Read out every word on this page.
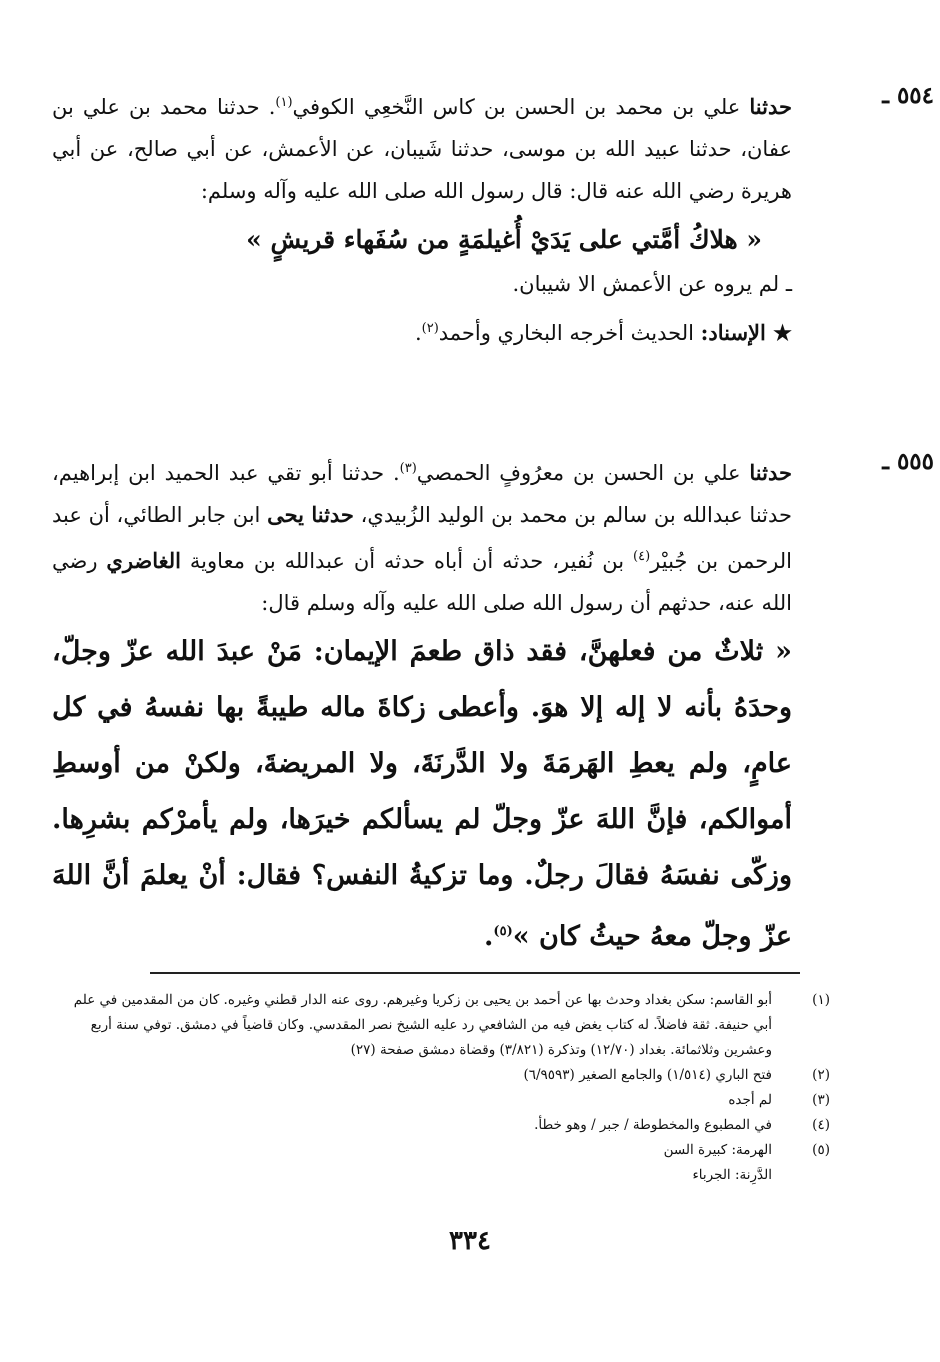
٥٥٤ ـ

حدثنا علي بن محمد بن الحسن بن كاس النَّخعِي الكوفي$^{(١)}$. حدثنا محمد بن علي بن عفان، حدثنا عبيد الله بن موسى، حدثنا شَيبان، عن الأعمش، عن أبي صالح، عن أبي هريرة رضي الله عنه قال: قال رسول الله صلى الله عليه وآله وسلم:

« هلاكُ أمَّتي على يَدَيْ أُغيلمَةٍ من سُفَهاء قريشٍ »

ـ لم يروه عن الأعمش الا شيبان.

★ الإسناد: الحديث أخرجه البخاري وأحمد$^{(٢)}$.

٥٥٥ ـ

حدثنا علي بن الحسن بن معرُوفٍ الحمصي$^{(٣)}$. حدثنا أبو تقي عبد الحميد ابن إبراهيم، حدثنا عبدالله بن سالم بن محمد بن الوليد الزُبيدي، حدثنا يحى ابن جابر الطائي، أن عبد الرحمن بن جُبيْر$^{(٤)}$ بن نُفير، حدثه أن أباه حدثه أن عبدالله بن معاوية الغاضري رضي الله عنه، حدثهم أن رسول الله صلى الله عليه وآله وسلم قال:

« ثلاثٌ من فعلهنَّ، فقد ذاق طعمَ الإيمان: مَنْ عبدَ الله عزّ وجلّ، وحدَهُ بأنه لا إله إلا هوَ. وأعطى زكاةَ ماله طيبةً بها نفسهُ في كل عامٍ، ولم يعطِ الهَرمَةَ ولا الدَّرنَةَ، ولا المريضةَ، ولكنْ من أوسطِ أموالكم، فإنَّ اللهَ عزّ وجلّ لم يسألكم خيرَها، ولم يأمرْكم بشرِها. وزكّى نفسَهُ فقالَ رجلٌ. وما تزكيةُ النفس؟ فقال: أنْ يعلمَ أنَّ اللهَ عزّ وجلّ معهُ حيثُ كان »$^{(٥)}$.

(١)
أبو القاسم: سكن بغداد وحدث بها عن أحمد بن يحيى بن زكريا وغيرهم. روى عنه الدار قطني وغيره. كان من المقدمين في علم أبي حنيفة. ثقة فاضلاً. له كتاب يغض فيه من الشافعي رد عليه الشيخ نصر المقدسي. وكان قاضياً في دمشق. توفي سنة أربع وعشرين وثلاثمائة. بغداد (١٢/٧٠) وتذكرة (٣/٨٢١) وقضاة دمشق صفحة (٢٧)

(٢)
فتح الباري (١/٥١٤) والجامع الصغير (٦/٩٥٩٣)

(٣)
لم أجده

(٤)
في المطبوع والمخطوطة / جبر / وهو خطأ.

(٥)
الهرمة: كبيرة السن

الدَّرِنة: الجرباء

٣٣٤
